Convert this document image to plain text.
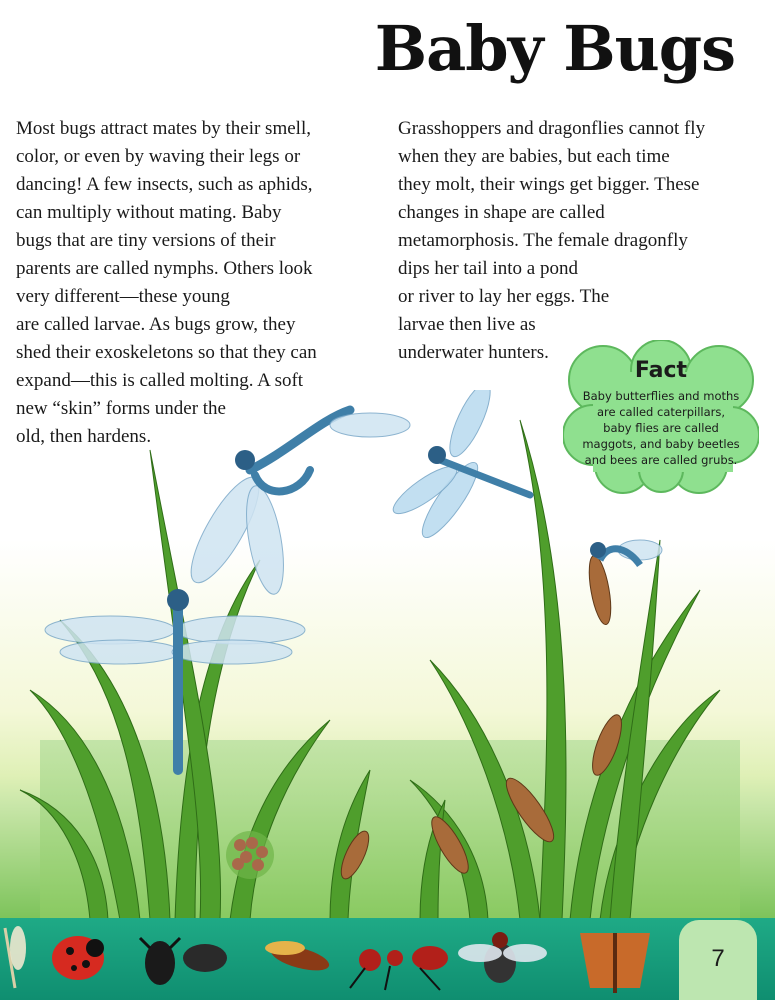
Baby Bugs
Most bugs attract mates by their smell,
color, or even by waving their legs or
dancing! A few insects, such as aphids,
can multiply without mating. Baby
bugs that are tiny versions of their
parents are called nymphs. Others look
very different—these young
are called larvae. As bugs grow, they
shed their exoskeletons so that they can
expand—this is called molting. A soft
new “skin” forms under the
old, then hardens.
Grasshoppers and dragonflies cannot fly
when they are babies, but each time
they molt, their wings get bigger. These
changes in shape are called
metamorphosis. The female dragonfly
dips her tail into a pond
or river to lay her eggs. The
larvae then live as
underwater hunters.
Fact
Baby butterflies and moths are called caterpillars, baby flies are called maggots, and baby beetles and bees are called grubs.
7
